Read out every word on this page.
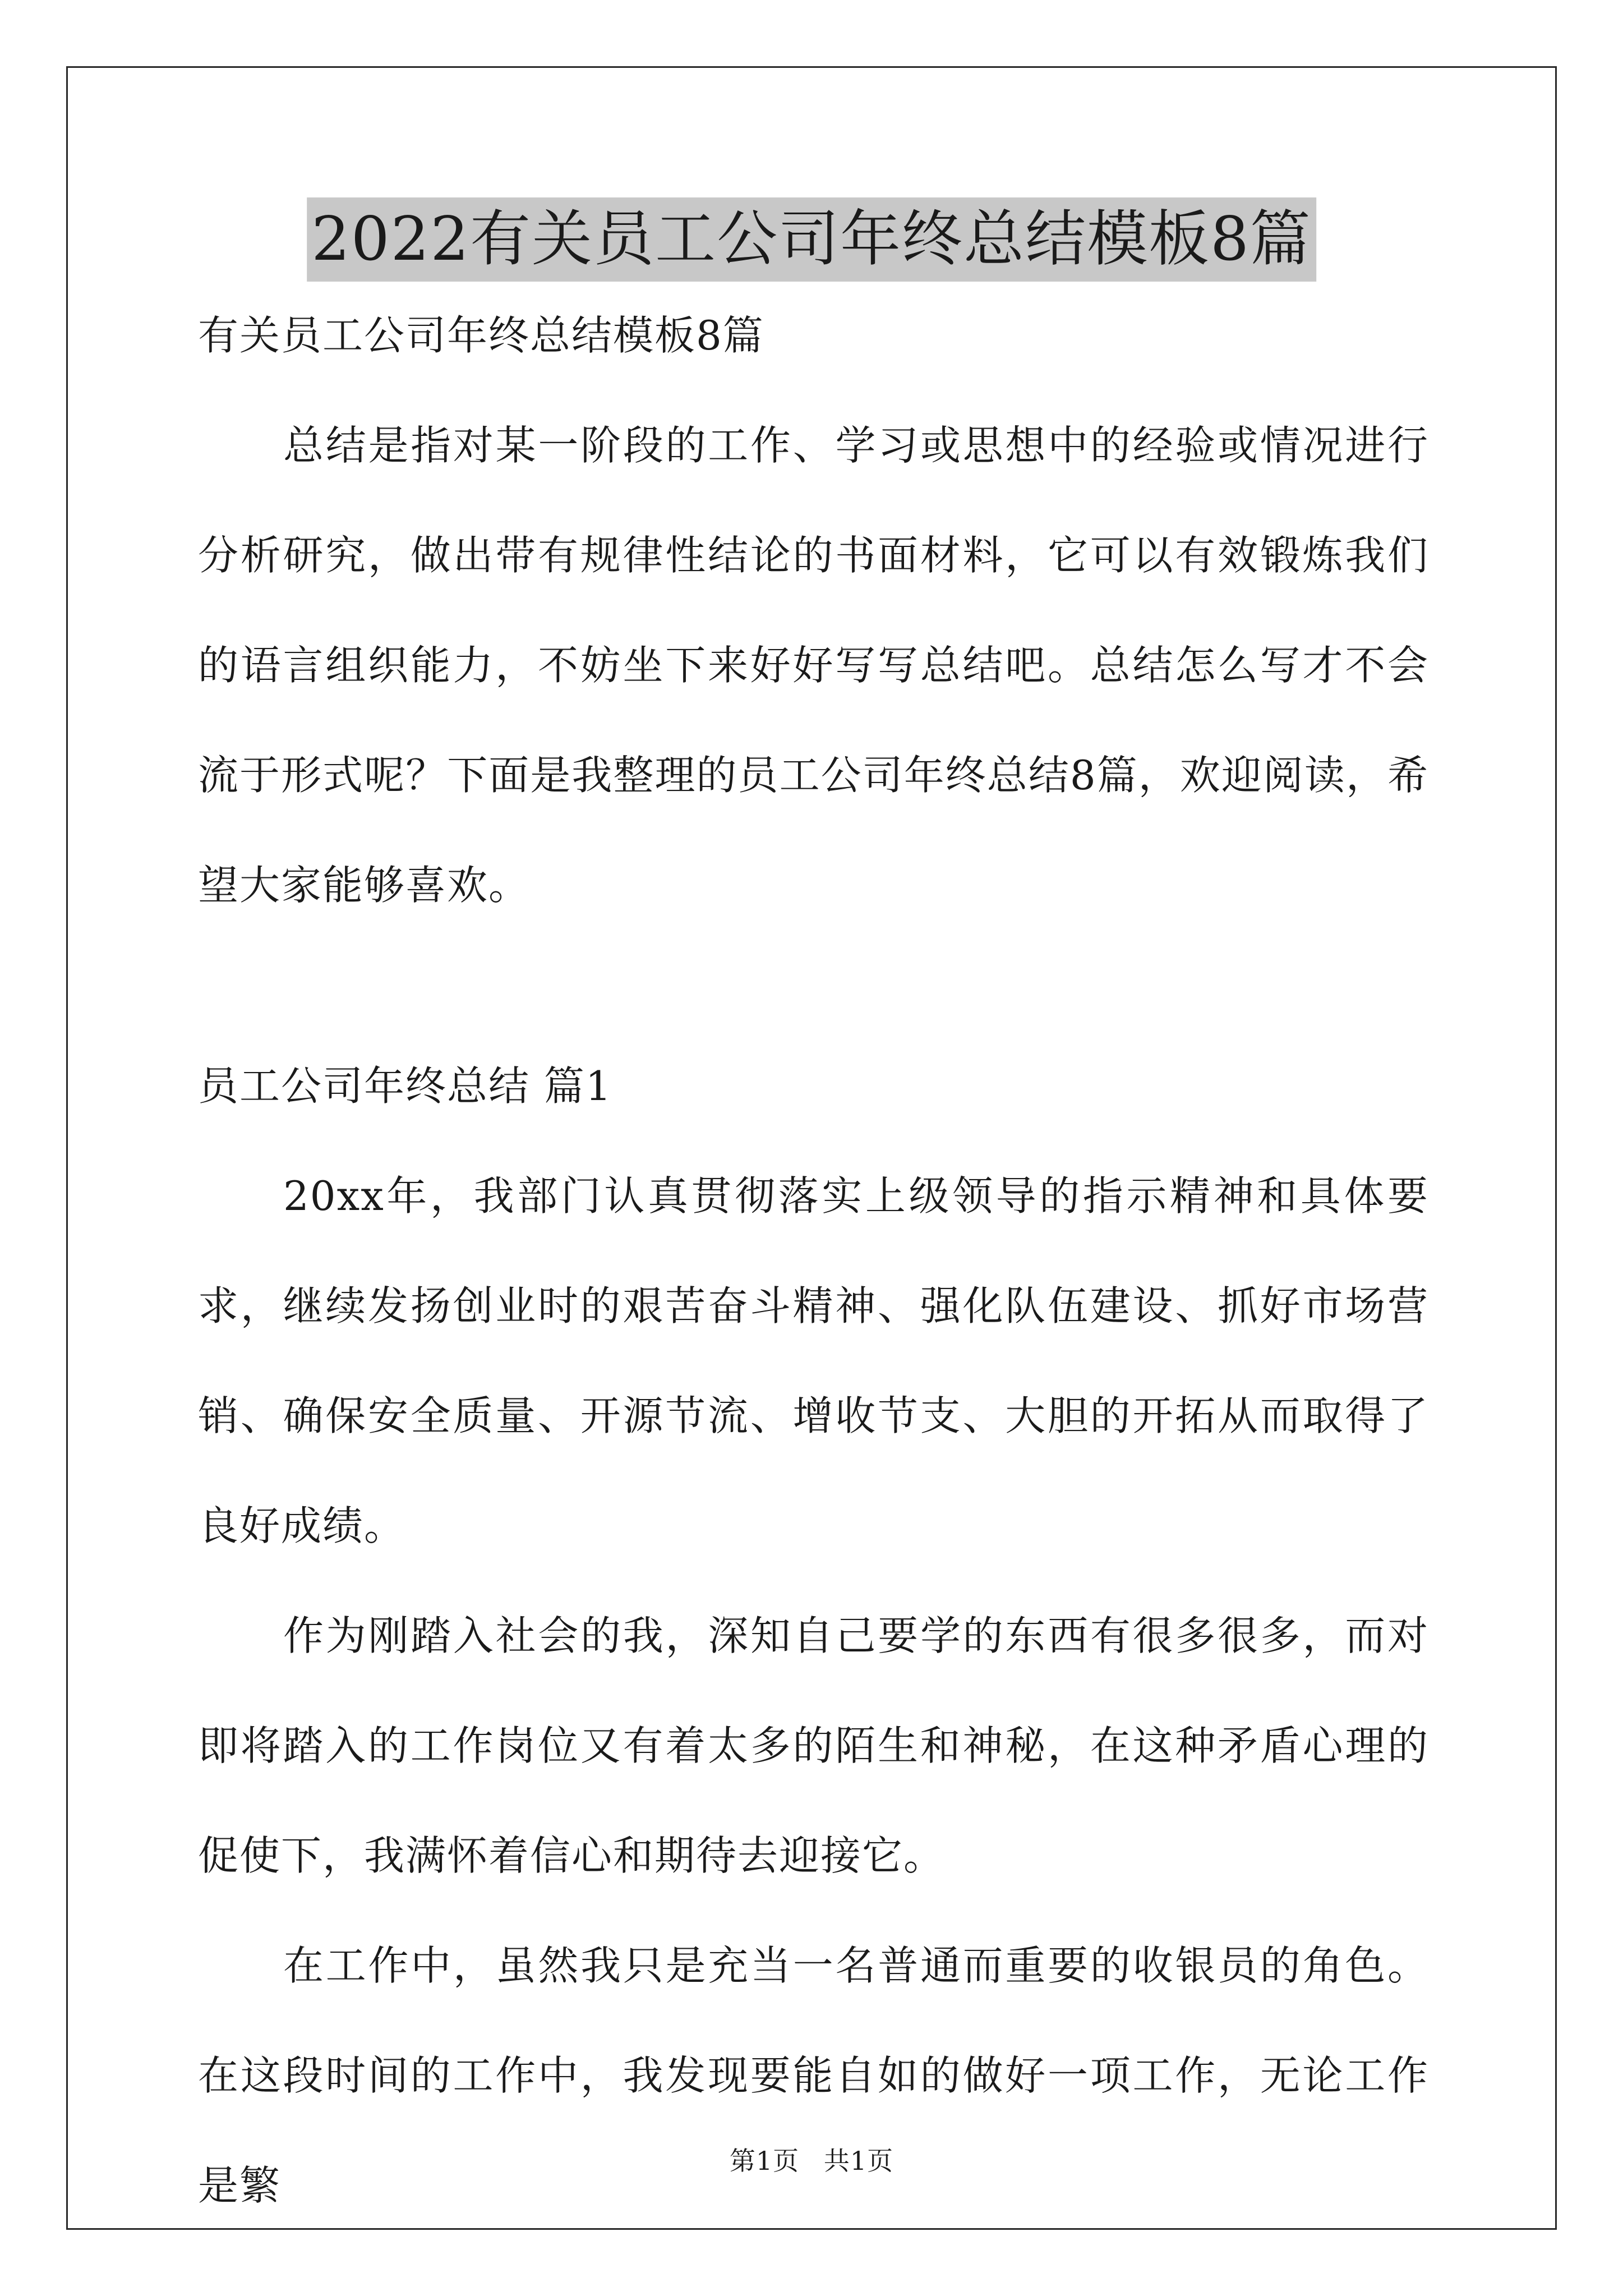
2022有关员工公司年终总结模板8篇

有关员工公司年终总结模板8篇

总结是指对某一阶段的工作、学习或思想中的经验或情况进行分析研究，做出带有规律性结论的书面材料，它可以有效锻炼我们的语言组织能力，不妨坐下来好好写写总结吧。总结怎么写才不会流于形式呢？下面是我整理的员工公司年终总结8篇，欢迎阅读，希望大家能够喜欢。

员工公司年终总结 篇1

20xx年，我部门认真贯彻落实上级领导的指示精神和具体要求，继续发扬创业时的艰苦奋斗精神、强化队伍建设、抓好市场营销、确保安全质量、开源节流、增收节支、大胆的开拓从而取得了良好成绩。

作为刚踏入社会的我，深知自己要学的东西有很多很多，而对即将踏入的工作岗位又有着太多的陌生和神秘，在这种矛盾心理的促使下，我满怀着信心和期待去迎接它。

在工作中，虽然我只是充当一名普通而重要的收银员的角色。在这段时间的工作中，我发现要能自如的做好一项工作，无论工作是繁

第1页 共1页
